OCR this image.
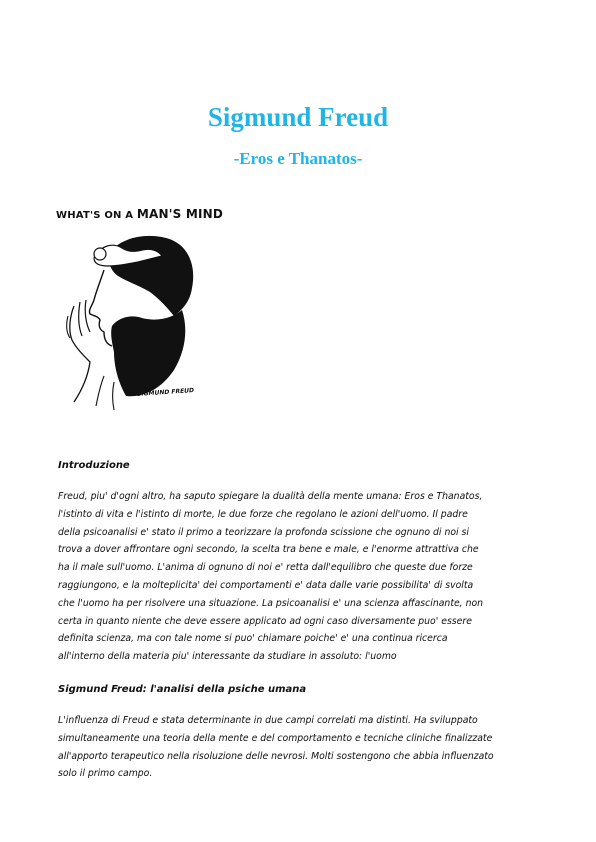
Sigmund Freud
-Eros e Thanatos-
WHAT'S ON A MAN'S MIND
SIGMUND FREUD

Introduzione

Freud, piu' d'ogni altro, ha saputo spiegare la dualità della mente umana: Eros e Thanatos,
l'istinto di vita e l'istinto di morte, le due forze che regolano le azioni dell'uomo. Il padre
della psicoanalisi e' stato il primo a teorizzare la profonda scissione che ognuno di noi si
trova a dover affrontare ogni secondo, la scelta tra bene e male, e l'enorme attrattiva che
ha il male sull'uomo. L'anima di ognuno di noi e' retta dall'equilibro che queste due forze
raggiungono, e la molteplicita' dei comportamenti e' data dalle varie possibilita' di svolta
che l'uomo ha per risolvere una situazione. La psicoanalisi e' una scienza affascinante, non
certa in quanto niente che deve essere applicato ad ogni caso diversamente puo' essere
definita scienza, ma con tale nome si puo' chiamare poiche' e' una continua ricerca
all'interno della materia piu' interessante da studiare in assoluto: l'uomo

Sigmund Freud: l'analisi della psiche umana

L'influenza di Freud e stata determinante in due campi correlati ma distinti. Ha sviluppato
simultaneamente una teoria della mente e del comportamento e tecniche cliniche finalizzate
all'apporto terapeutico nella risoluzione delle nevrosi. Molti sostengono che abbia influenzato
solo il primo campo.
